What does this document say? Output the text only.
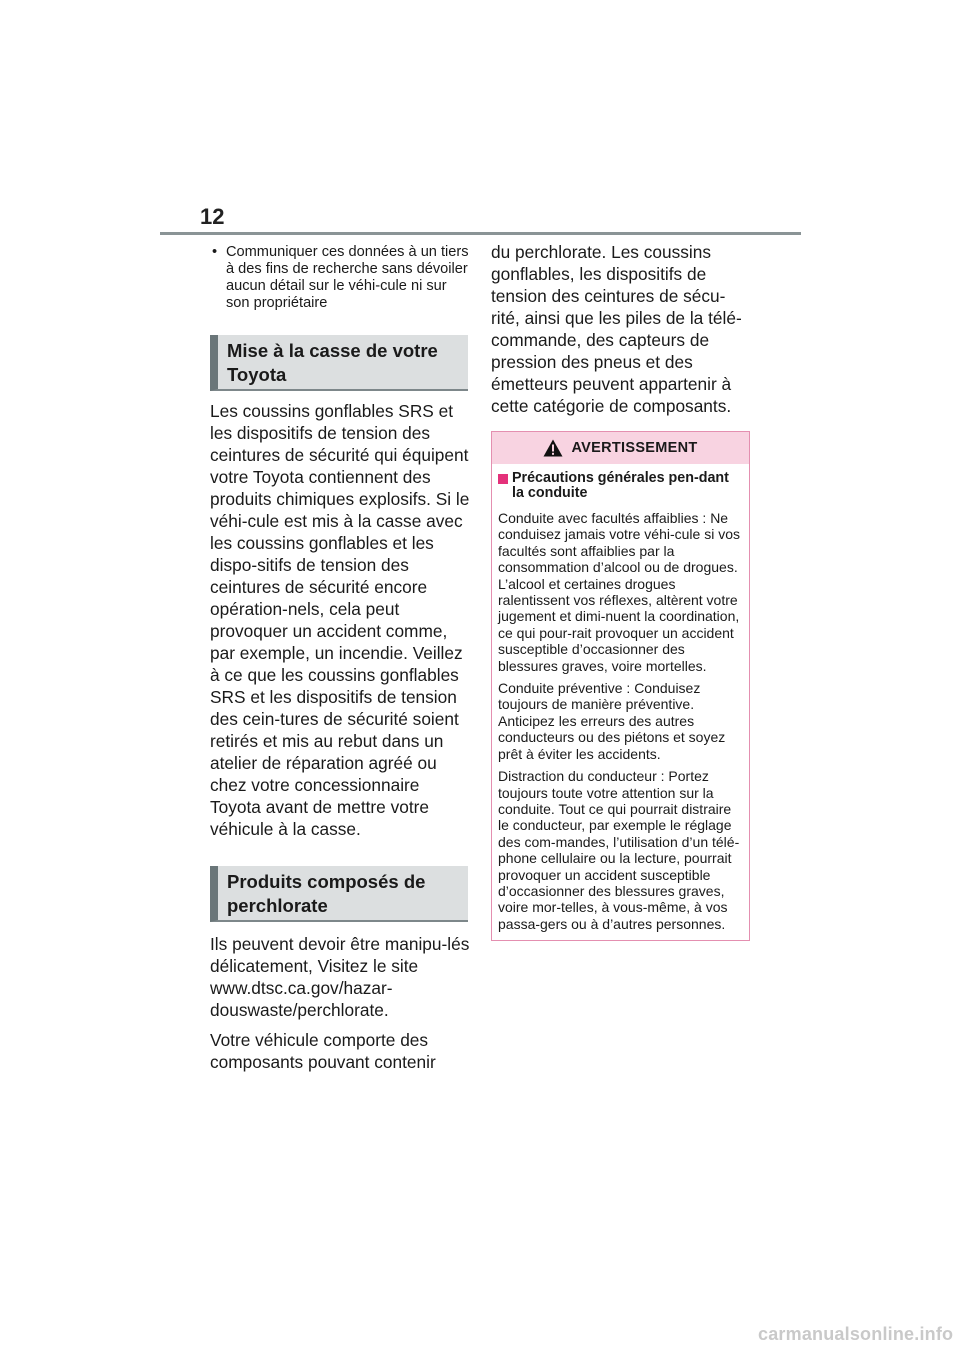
12
• Communiquer ces données à un tiers à des fins de recherche sans dévoiler aucun détail sur le véhi-cule ni sur son propriétaire
Mise à la casse de votre Toyota

Les coussins gonflables SRS et les dispositifs de tension des ceintures de sécurité qui équipent votre Toyota contiennent des produits chimiques explosifs. Si le véhi-cule est mis à la casse avec les coussins gonflables et les dispo-sitifs de tension des ceintures de sécurité encore opération-nels, cela peut provoquer un accident comme, par exemple, un incendie. Veillez à ce que les coussins gonflables SRS et les dispositifs de tension des cein-tures de sécurité soient retirés et mis au rebut dans un atelier de réparation agréé ou chez votre concessionnaire Toyota avant de mettre votre véhicule à la casse.

Produits composés de perchlorate

Ils peuvent devoir être manipu-lés délicatement, Visitez le site www.dtsc.ca.gov/hazar-douswaste/perchlorate.

Votre véhicule comporte des composants pouvant contenir

du perchlorate. Les coussins gonflables, les dispositifs de tension des ceintures de sécu-rité, ainsi que les piles de la télé-commande, des capteurs de pression des pneus et des émetteurs peuvent appartenir à cette catégorie de composants.

AVERTISSEMENT
Précautions générales pen-dant la conduite

Conduite avec facultés affaiblies : Ne conduisez jamais votre véhi-cule si vos facultés sont affaiblies par la consommation d’alcool ou de drogues. L’alcool et certaines drogues ralentissent vos réflexes, altèrent votre jugement et dimi-nuent la coordination, ce qui pour-rait provoquer un accident susceptible d’occasionner des blessures graves, voire mortelles.

Conduite préventive : Conduisez toujours de manière préventive. Anticipez les erreurs des autres conducteurs ou des piétons et soyez prêt à éviter les accidents.

Distraction du conducteur : Portez toujours toute votre attention sur la conduite. Tout ce qui pourrait distraire le conducteur, par exemple le réglage des com-mandes, l’utilisation d’un télé-phone cellulaire ou la lecture, pourrait provoquer un accident susceptible d’occasionner des blessures graves, voire mor-telles, à vous-même, à vos passa-gers ou à d’autres personnes.

carmanualsonline.info
